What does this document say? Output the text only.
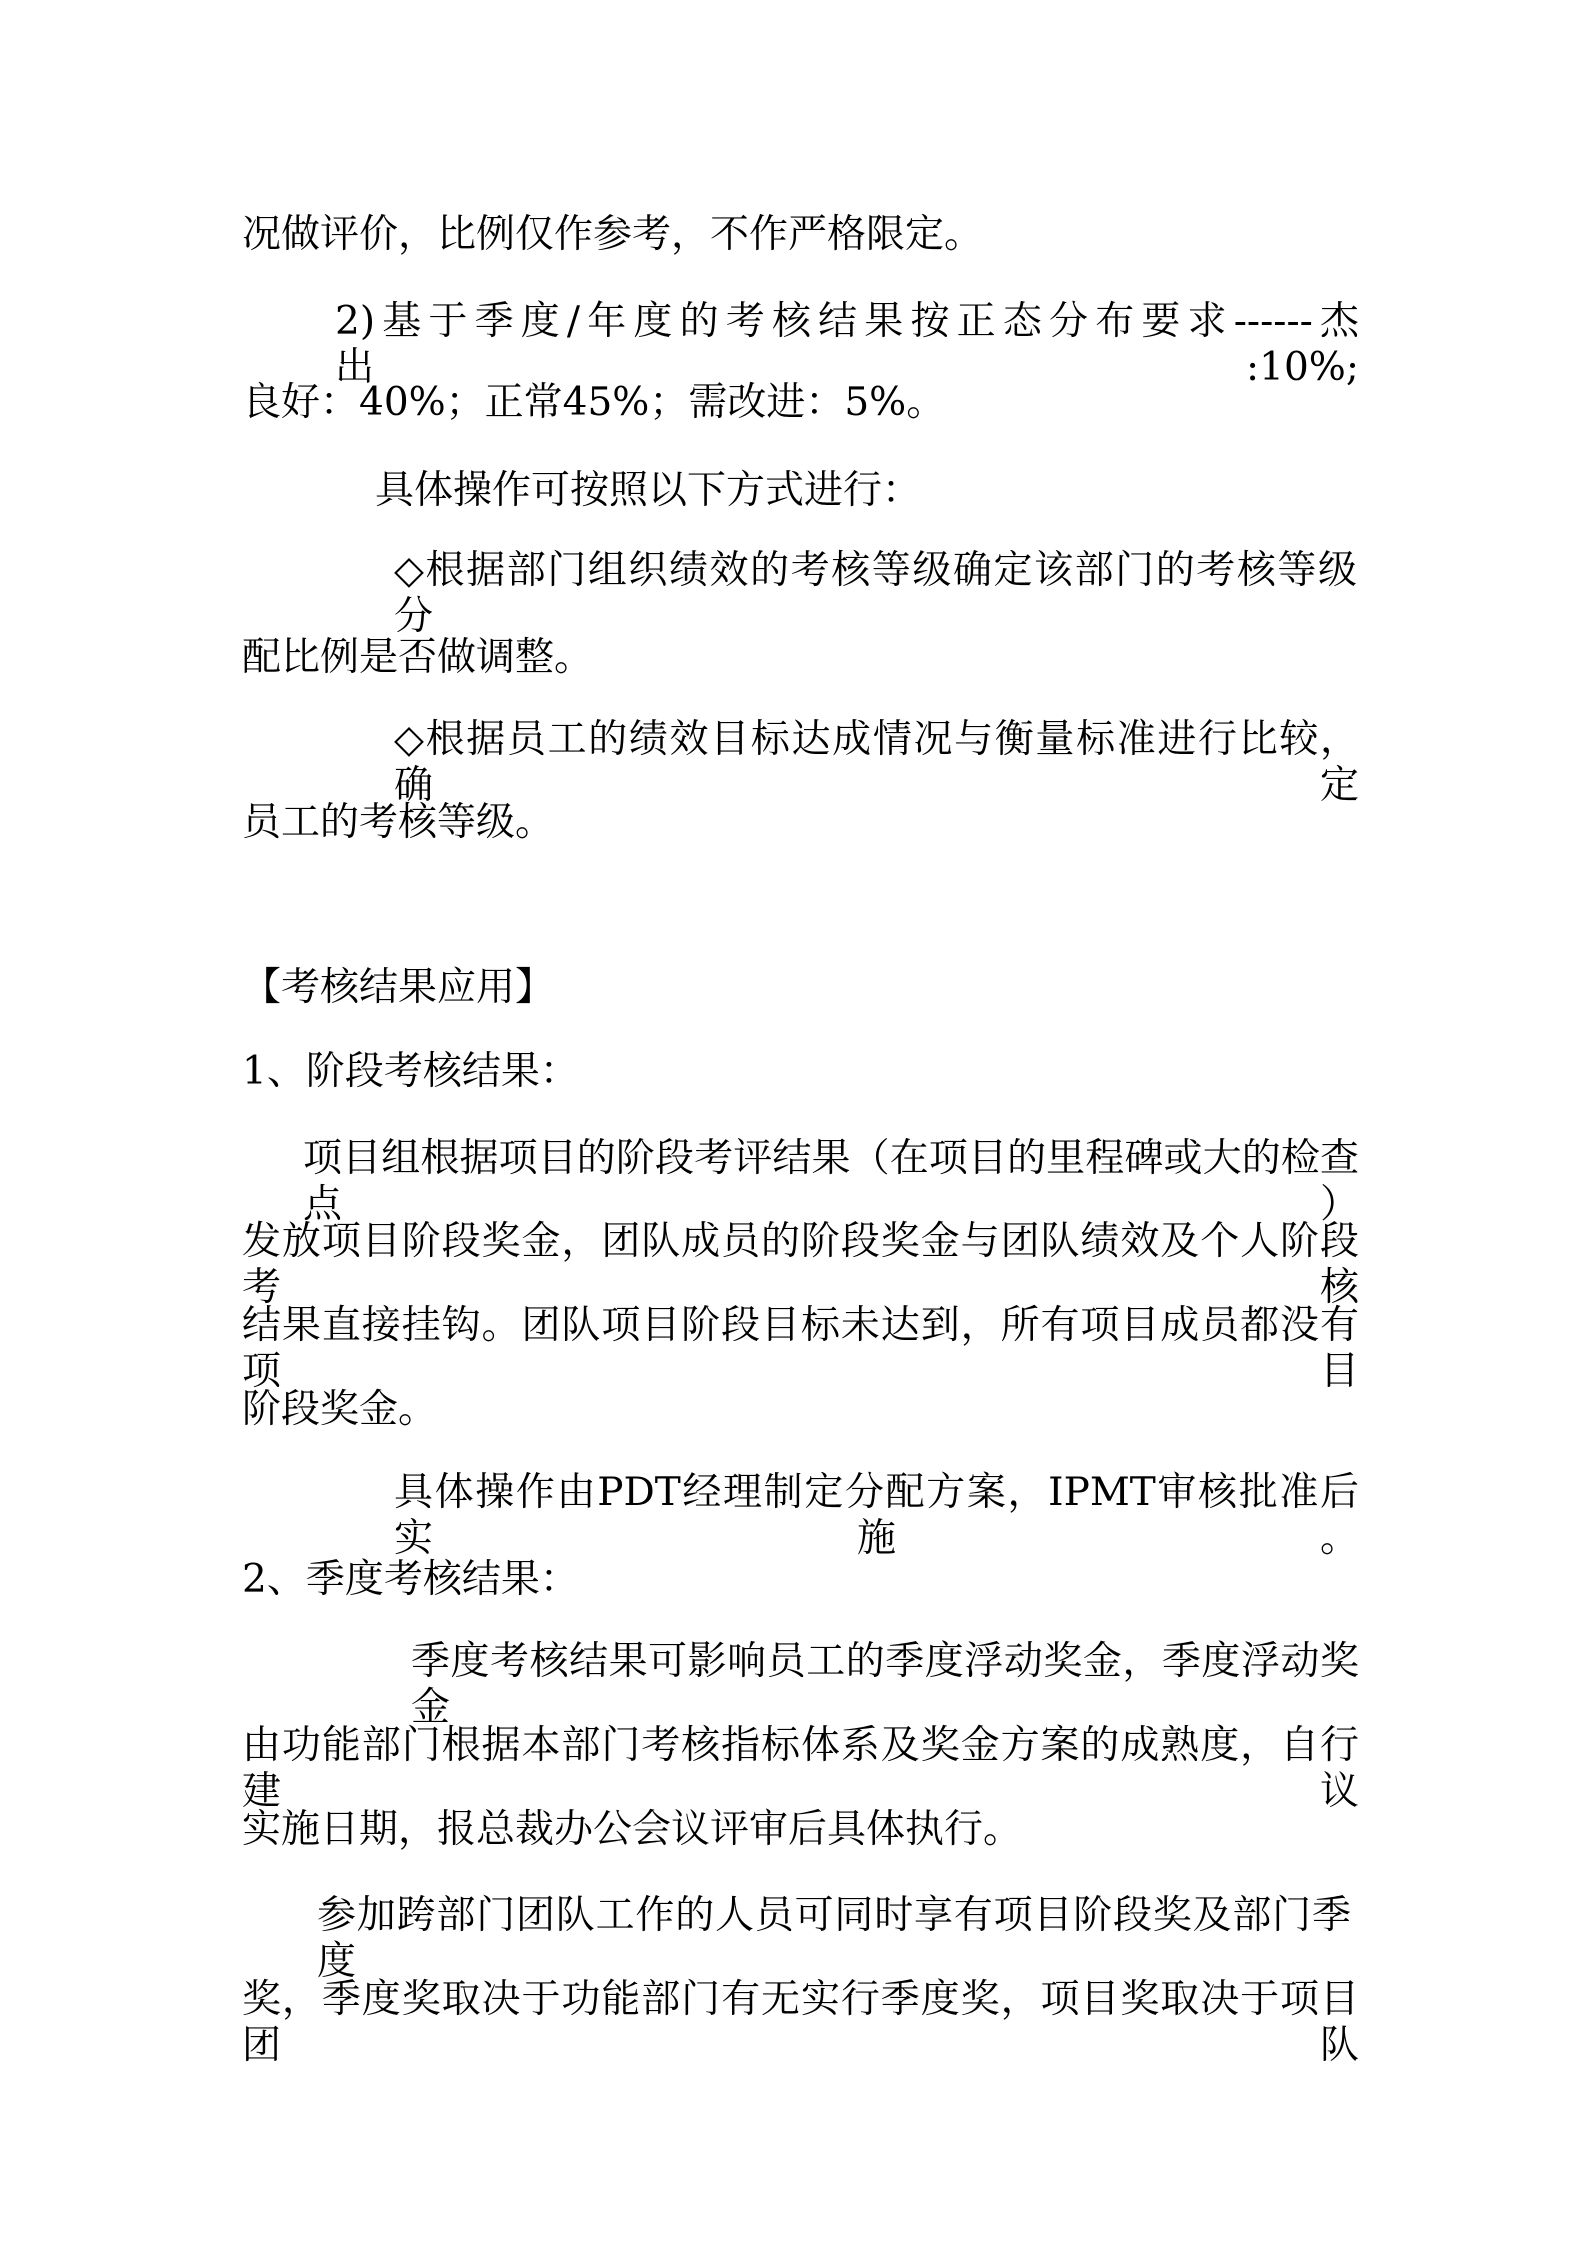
况做评价，比例仅作参考，不作严格限定。
2)基于季度/年度的考核结果按正态分布要求------杰出:10%;
良好：40%；正常45%；需改进：5%。
具体操作可按照以下方式进行：
◇根据部门组织绩效的考核等级确定该部门的考核等级分
配比例是否做调整。
◇根据员工的绩效目标达成情况与衡量标准进行比较，确定
员工的考核等级。
【考核结果应用】
1、阶段考核结果：
项目组根据项目的阶段考评结果（在项目的里程碑或大的检查点）
发放项目阶段奖金，团队成员的阶段奖金与团队绩效及个人阶段考核
结果直接挂钩。团队项目阶段目标未达到，所有项目成员都没有项目
阶段奖金。
具体操作由PDT经理制定分配方案，IPMT审核批准后实施。
2、季度考核结果：
季度考核结果可影响员工的季度浮动奖金，季度浮动奖金
由功能部门根据本部门考核指标体系及奖金方案的成熟度，自行建议
实施日期，报总裁办公会议评审后具体执行。
参加跨部门团队工作的人员可同时享有项目阶段奖及部门季度
奖，季度奖取决于功能部门有无实行季度奖，项目奖取决于项目团队
